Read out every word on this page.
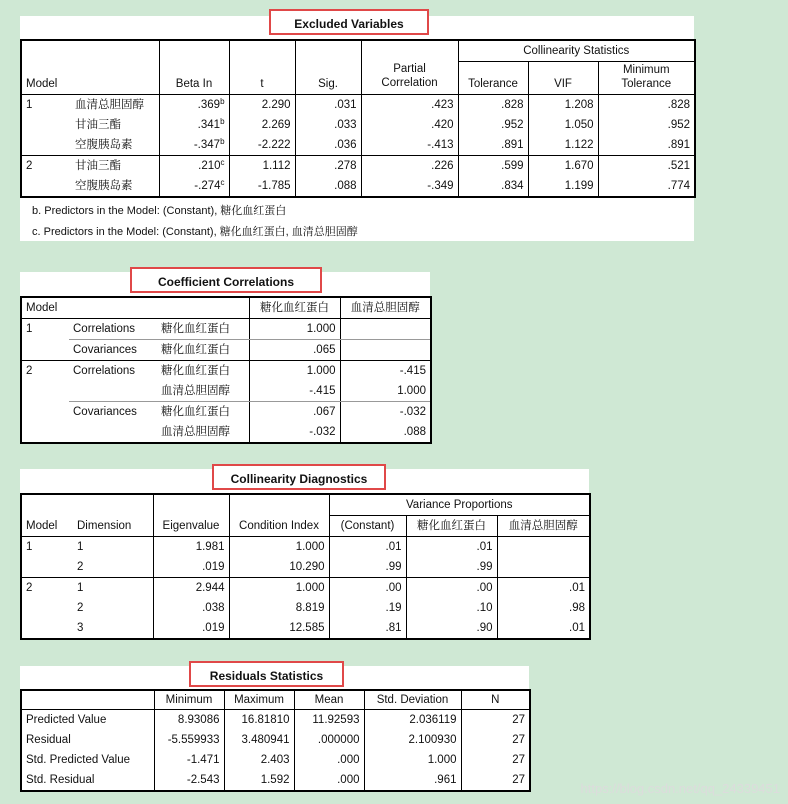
Excluded Variables
Model		Beta In	t	Sig.	Partial Correlation	Collinearity Statistics		
						Tolerance	VIF	Minimum Tolerance
1	血清总胆固醇	.369$^b$	2.290	.031	.423	.828	1.208	.828
	甘油三酯	.341$^b$	2.269	.033	.420	.952	1.050	.952
	空腹胰岛素	-.347$^b$	-2.222	.036	-.413	.891	1.122	.891
2	甘油三酯	.210$^c$	1.112	.278	.226	.599	1.670	.521
	空腹胰岛素	-.274$^c$	-1.785	.088	-.349	.834	1.199	.774
b. Predictors in the Model: (Constant), 糖化血红蛋白
c. Predictors in the Model: (Constant), 糖化血红蛋白, 血清总胆固醇
Coefficient Correlations
Model			糖化血红蛋白	血清总胆固醇
1	Correlations	糖化血红蛋白	1.000	
	Covariances	糖化血红蛋白	.065	
2	Correlations	糖化血红蛋白	1.000	-.415
		血清总胆固醇	-.415	1.000
	Covariances	糖化血红蛋白	.067	-.032
		血清总胆固醇	-.032	.088
Collinearity Diagnostics
Model	Dimension	Eigenvalue	Condition Index	Variance Proportions		
				(Constant)	糖化血红蛋白	血清总胆固醇
1	1	1.981	1.000	.01	.01	
	2	.019	10.290	.99	.99	
2	1	2.944	1.000	.00	.00	.01
	2	.038	8.819	.19	.10	.98
	3	.019	12.585	.81	.90	.01
Residuals Statistics
	Minimum	Maximum	Mean	Std. Deviation	N
Predicted Value	8.93086	16.81810	11.92593	2.036119	27
Residual	-5.559933	3.480941	.000000	2.100930	27
Std. Predicted Value	-1.471	2.403	.000	1.000	27
Std. Residual	-2.543	1.592	.000	.961	27
https://blog.csdn.net/qq_24339451
